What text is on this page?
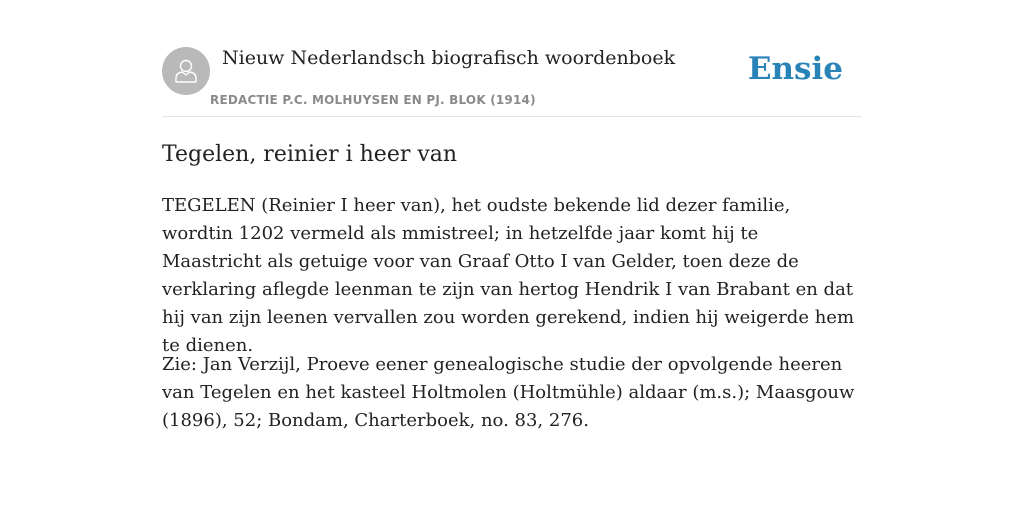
Nieuw Nederlandsch biografisch woordenboek
REDACTIE P.C. MOLHUYSEN EN PJ. BLOK (1914)
Ensie
Tegelen, reinier i heer van

TEGELEN (Reinier I heer van), het oudste bekende lid dezer familie, wordtin 1202 vermeld als mmistreel; in hetzelfde jaar komt hij te Maastricht als getuige voor van Graaf Otto I van Gelder, toen deze de verklaring aflegde leenman te zijn van hertog Hendrik I van Brabant en dat hij van zijn leenen vervallen zou worden gerekend, indien hij weigerde hem te dienen.

Zie: Jan Verzijl, Proeve eener genealogische studie der opvolgende heeren van Tegelen en het kasteel Holtmolen (Holtmühle) aldaar (m.s.); Maasgouw (1896), 52; Bondam, Charterboek, no. 83, 276.
